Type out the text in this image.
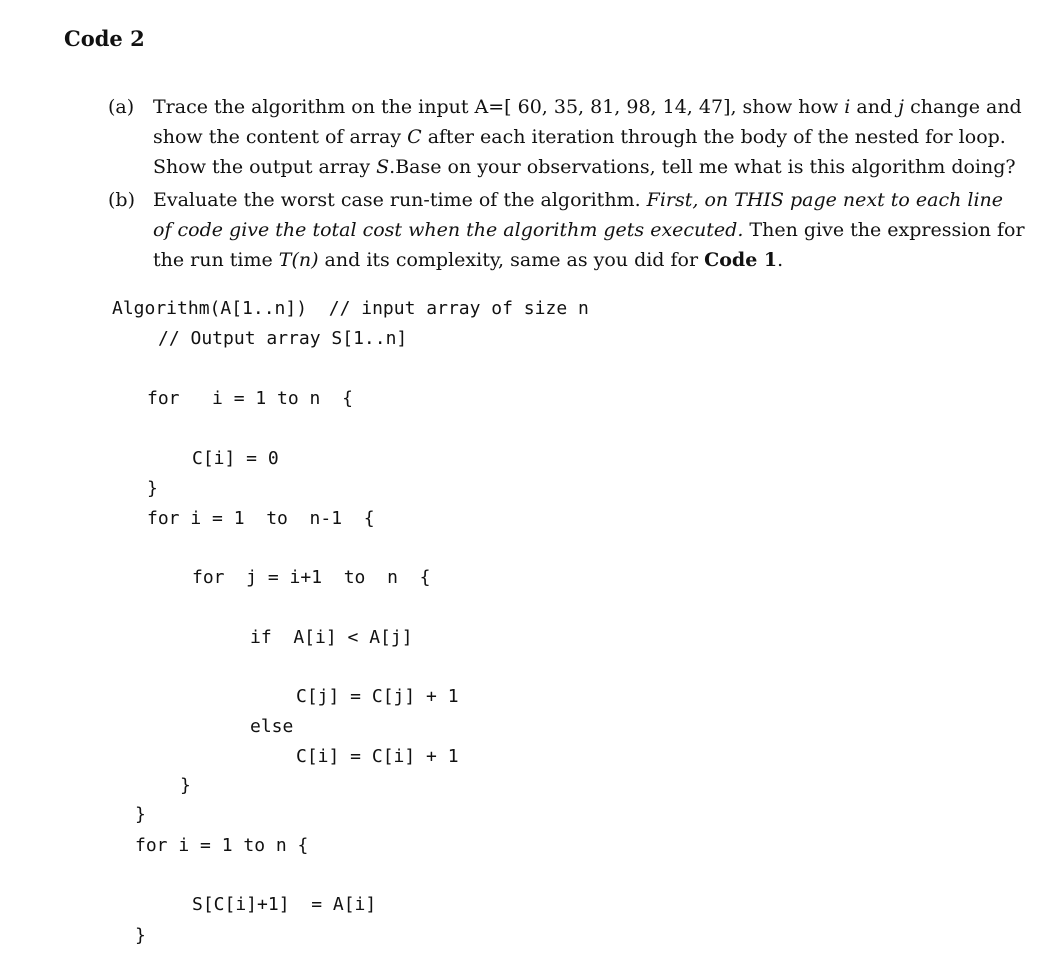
Code 2
(a) Trace the algorithm on the input A=[ 60, 35, 81, 98, 14, 47], show how i and j change and
show the content of array C after each iteration through the body of the nested for loop.
Show the output array S.Base on your observations, tell me what is this algorithm doing?
(b) Evaluate the worst case run-time of the algorithm. First, on THIS page next to each line
of code give the total cost when the algorithm gets executed. Then give the expression for
the run time T(n) and its complexity, same as you did for Code 1.
Algorithm(A[1..n])  // input array of size n
// Output array S[1..n]
for   i = 1 to n  {
C[i] = 0
}
for i = 1  to  n-1  {
for  j = i+1  to  n  {
if  A[i] < A[j]
C[j] = C[j] + 1
else
C[i] = C[i] + 1
}
}
for i = 1 to n {
S[C[i]+1]  = A[i]
}
